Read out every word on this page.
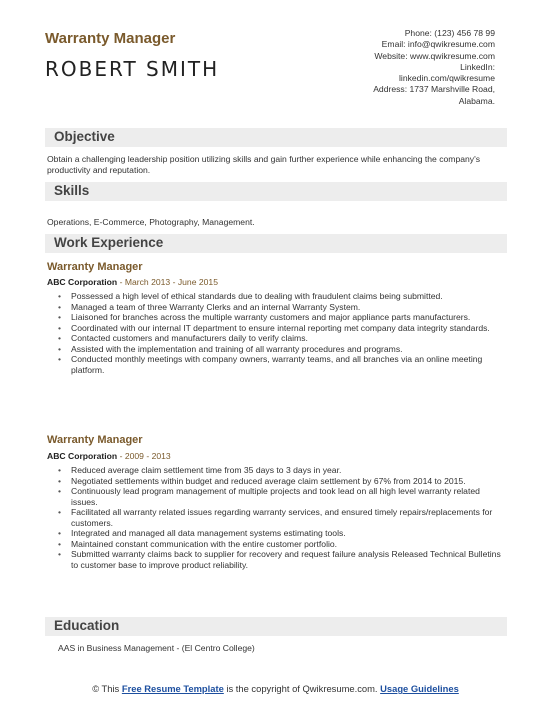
Warranty Manager
ROBERT SMITH
Phone: (123) 456 78 99
Email: info@qwikresume.com
Website: www.qwikresume.com
LinkedIn:
linkedin.com/qwikresume
Address: 1737 Marshville Road,
Alabama.
Objective
Obtain a challenging leadership position utilizing skills and gain further experience while enhancing the company's productivity and reputation.
Skills
Operations, E-Commerce, Photography, Management.
Work Experience
Warranty Manager
ABC Corporation - March 2013 - June 2015
• Possessed a high level of ethical standards due to dealing with fraudulent claims being submitted.
• Managed a team of three Warranty Clerks and an internal Warranty System.
• Liaisoned for branches across the multiple warranty customers and major appliance parts manufacturers.
• Coordinated with our internal IT department to ensure internal reporting met company data integrity standards.
• Contacted customers and manufacturers daily to verify claims.
• Assisted with the implementation and training of all warranty procedures and programs.
• Conducted monthly meetings with company owners, warranty teams, and all branches via an online meeting platform.
Warranty Manager
ABC Corporation - 2009 - 2013
• Reduced average claim settlement time from 35 days to 3 days in year.
• Negotiated settlements within budget and reduced average claim settlement by 67% from 2014 to 2015.
• Continuously lead program management of multiple projects and took lead on all high level warranty related issues.
• Facilitated all warranty related issues regarding warranty services, and ensured timely repairs/replacements for customers.
• Integrated and managed all data management systems estimating tools.
• Maintained constant communication with the entire customer portfolio.
• Submitted warranty claims back to supplier for recovery and request failure analysis Released Technical Bulletins to customer base to improve product reliability.
Education
AAS in Business Management - (El Centro College)
© This Free Resume Template is the copyright of Qwikresume.com. Usage Guidelines
